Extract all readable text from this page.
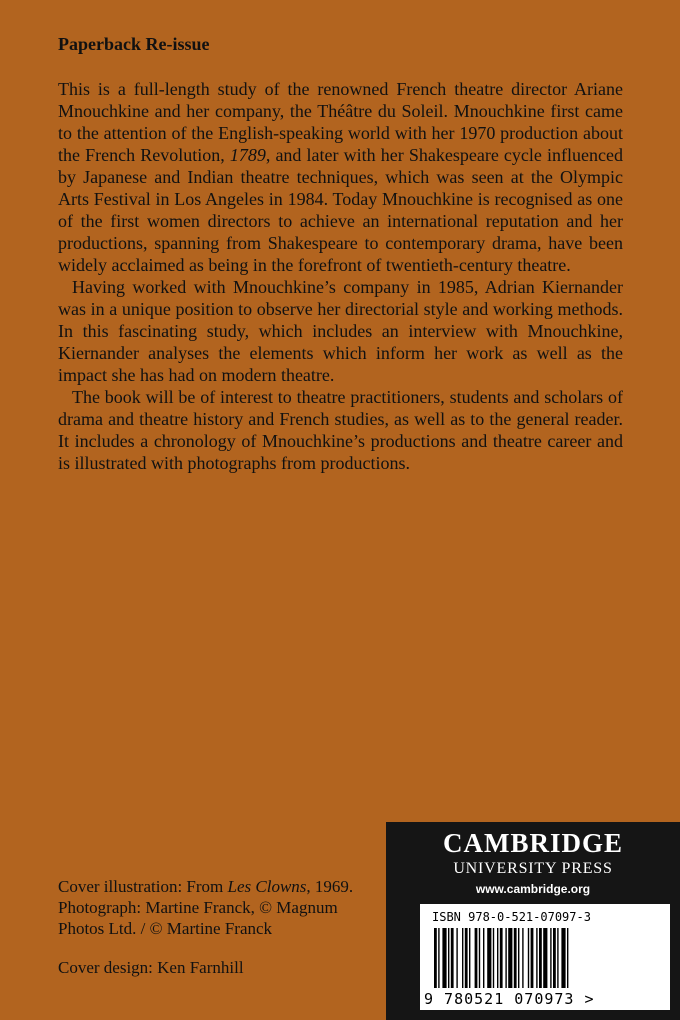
Paperback Re-issue

This is a full-length study of the renowned French theatre director Ariane Mnouchkine and her company, the Théâtre du Soleil. Mnouchkine first came to the attention of the English-speaking world with her 1970 production about the French Revolution, 1789, and later with her Shakespeare cycle influenced by Japanese and Indian theatre techniques, which was seen at the Olympic Arts Festival in Los Angeles in 1984. Today Mnouchkine is recognised as one of the first women directors to achieve an international reputation and her productions, spanning from Shakespeare to contemporary drama, have been widely acclaimed as being in the forefront of twentieth-century theatre.

Having worked with Mnouchkine’s company in 1985, Adrian Kiernander was in a unique position to observe her directorial style and working methods. In this fascinating study, which includes an interview with Mnouchkine, Kiernander analyses the elements which inform her work as well as the impact she has had on modern theatre.

The book will be of interest to theatre practitioners, students and scholars of drama and theatre history and French studies, as well as to the general reader. It includes a chronology of Mnouchkine’s productions and theatre career and is illustrated with photographs from productions.

Cover illustration: From Les Clowns, 1969.
Photograph: Martine Franck, © Magnum
Photos Ltd. / © Martine Franck
Cover design: Ken Farnhill
CAMBRIDGE
UNIVERSITY PRESS
www.cambridge.org
ISBN 978-0-521-07097-3
9 780521 070973 >
